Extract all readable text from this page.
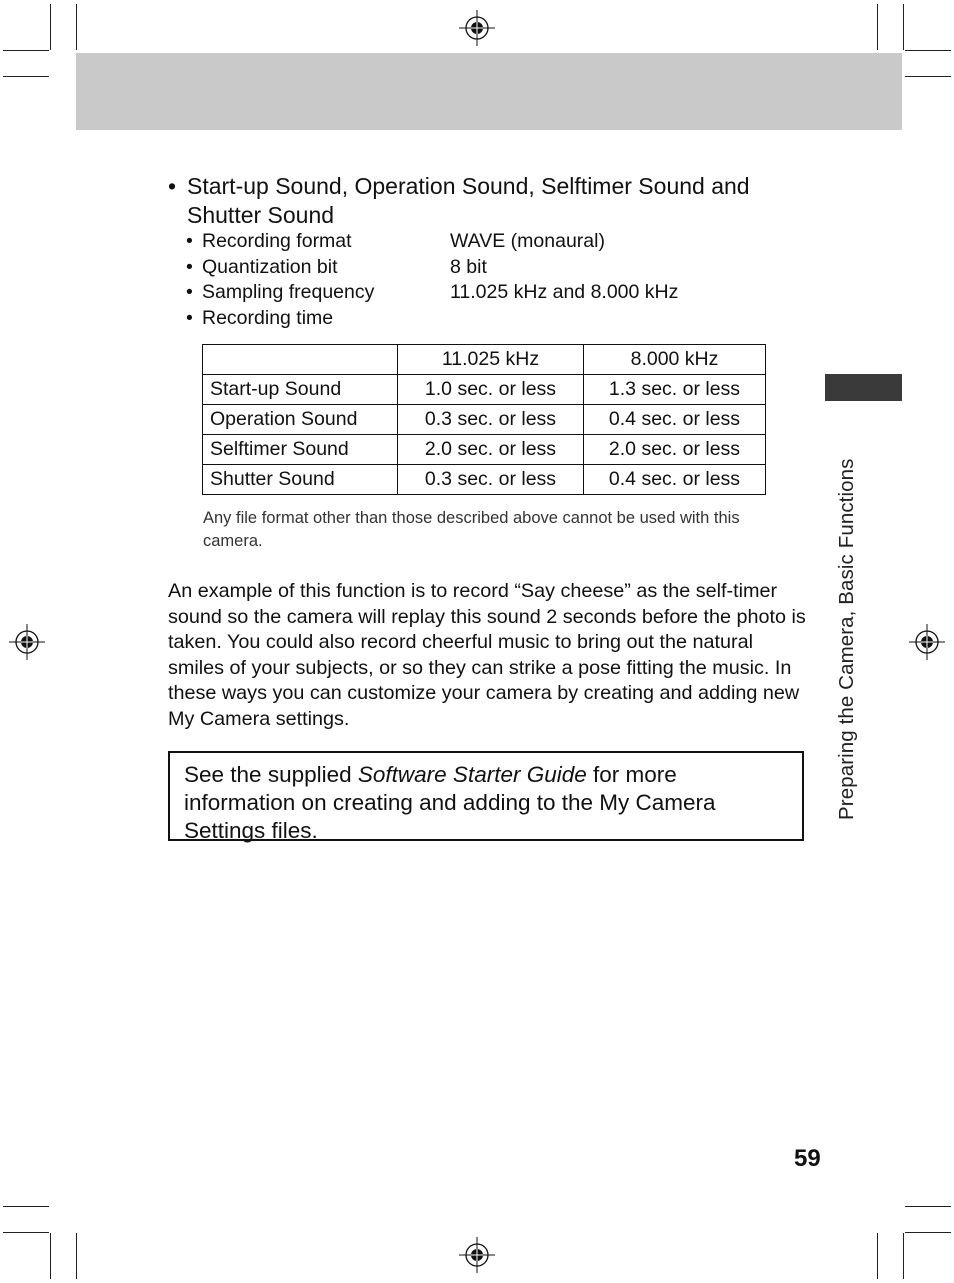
Preparing the Camera, Basic Functions
• Start-up Sound, Operation Sound, Selftimer Sound and Shutter Sound
• Recording format	WAVE (monaural)
• Quantization bit	8 bit
• Sampling frequency	11.025 kHz and 8.000 kHz
• Recording time
	11.025 kHz	8.000 kHz
Start-up Sound	1.0 sec. or less	1.3 sec. or less
Operation Sound	0.3 sec. or less	0.4 sec. or less
Selftimer Sound	2.0 sec. or less	2.0 sec. or less
Shutter Sound	0.3 sec. or less	0.4 sec. or less
Any file format other than those described above cannot be used with this camera.
An example of this function is to record “Say cheese” as the self-timer sound so the camera will replay this sound 2 seconds before the photo is taken. You could also record cheerful music to bring out the natural smiles of your subjects, or so they can strike a pose fitting the music. In these ways you can customize your camera by creating and adding new My Camera settings.
See the supplied Software Starter Guide for more information on creating and adding to the My Camera Settings files.
59
